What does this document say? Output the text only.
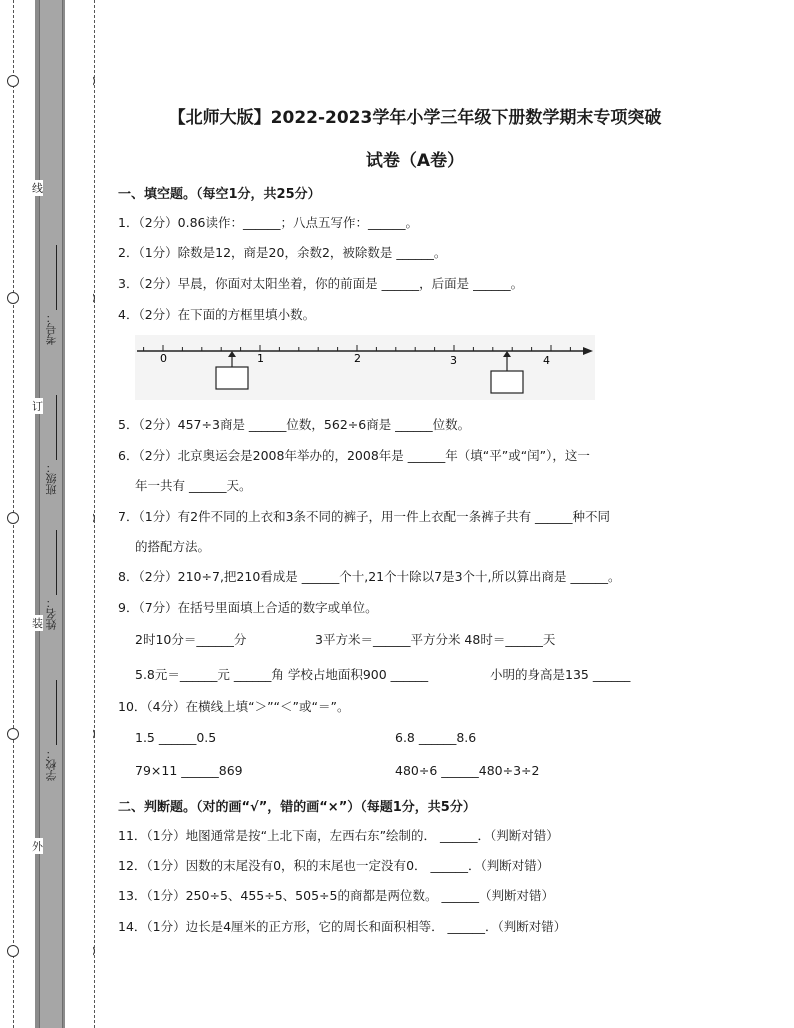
线
订
装
外
考号：
班级：
姓名：
学校：
【北师大版】2022-2023学年小学三年级下册数学期末专项突破
试卷（A卷）
一、填空题。（每空1分，共25分）
1．（2分）0.86读作：______；八点五写作：______。
2．（1分）除数是12，商是20，余数2，被除数是 ______。
3．（2分）早晨，你面对太阳坐着，你的前面是 ______，后面是 ______。
4．（2分）在下面的方框里填小数。
0	1	2	3	4
5．（2分）457÷3商是 ______位数，562÷6商是 ______位数。
6．（2分）北京奥运会是2008年举办的，2008年是 ______年（填“平”或“闰”），这一
年一共有 ______天。
7．（1分）有2件不同的上衣和3条不同的裤子，用一件上衣配一条裤子共有 ______种不同
的搭配方法。
8．（2分）210÷7,把210看成是 ______个十,21个十除以7是3个十,所以算出商是 ______。
9．（7分）在括号里面填上合适的数字或单位。
2时10分＝______分	3平方米＝______平方分米 48时＝______天
5.8元＝______元 ______角 学校占地面积900 ______	小明的身高是135 ______
10．（4分）在横线上填“＞”“＜”或“＝”。
1.5 ______0.5	6.8 ______8.6
79×11 ______869	480÷6 ______480÷3÷2
二、判断题。（对的画“√”，错的画“×”）（每题1分，共5分）
11．（1分）地图通常是按“上北下南，左西右东”绘制的． ______．（判断对错）
12．（1分）因数的末尾没有0，积的末尾也一定没有0． ______．（判断对错）
13．（1分）250÷5、455÷5、505÷5的商都是两位数。 ______（判断对错）
14．（1分）边长是4厘米的正方形，它的周长和面积相等． ______．（判断对错）
